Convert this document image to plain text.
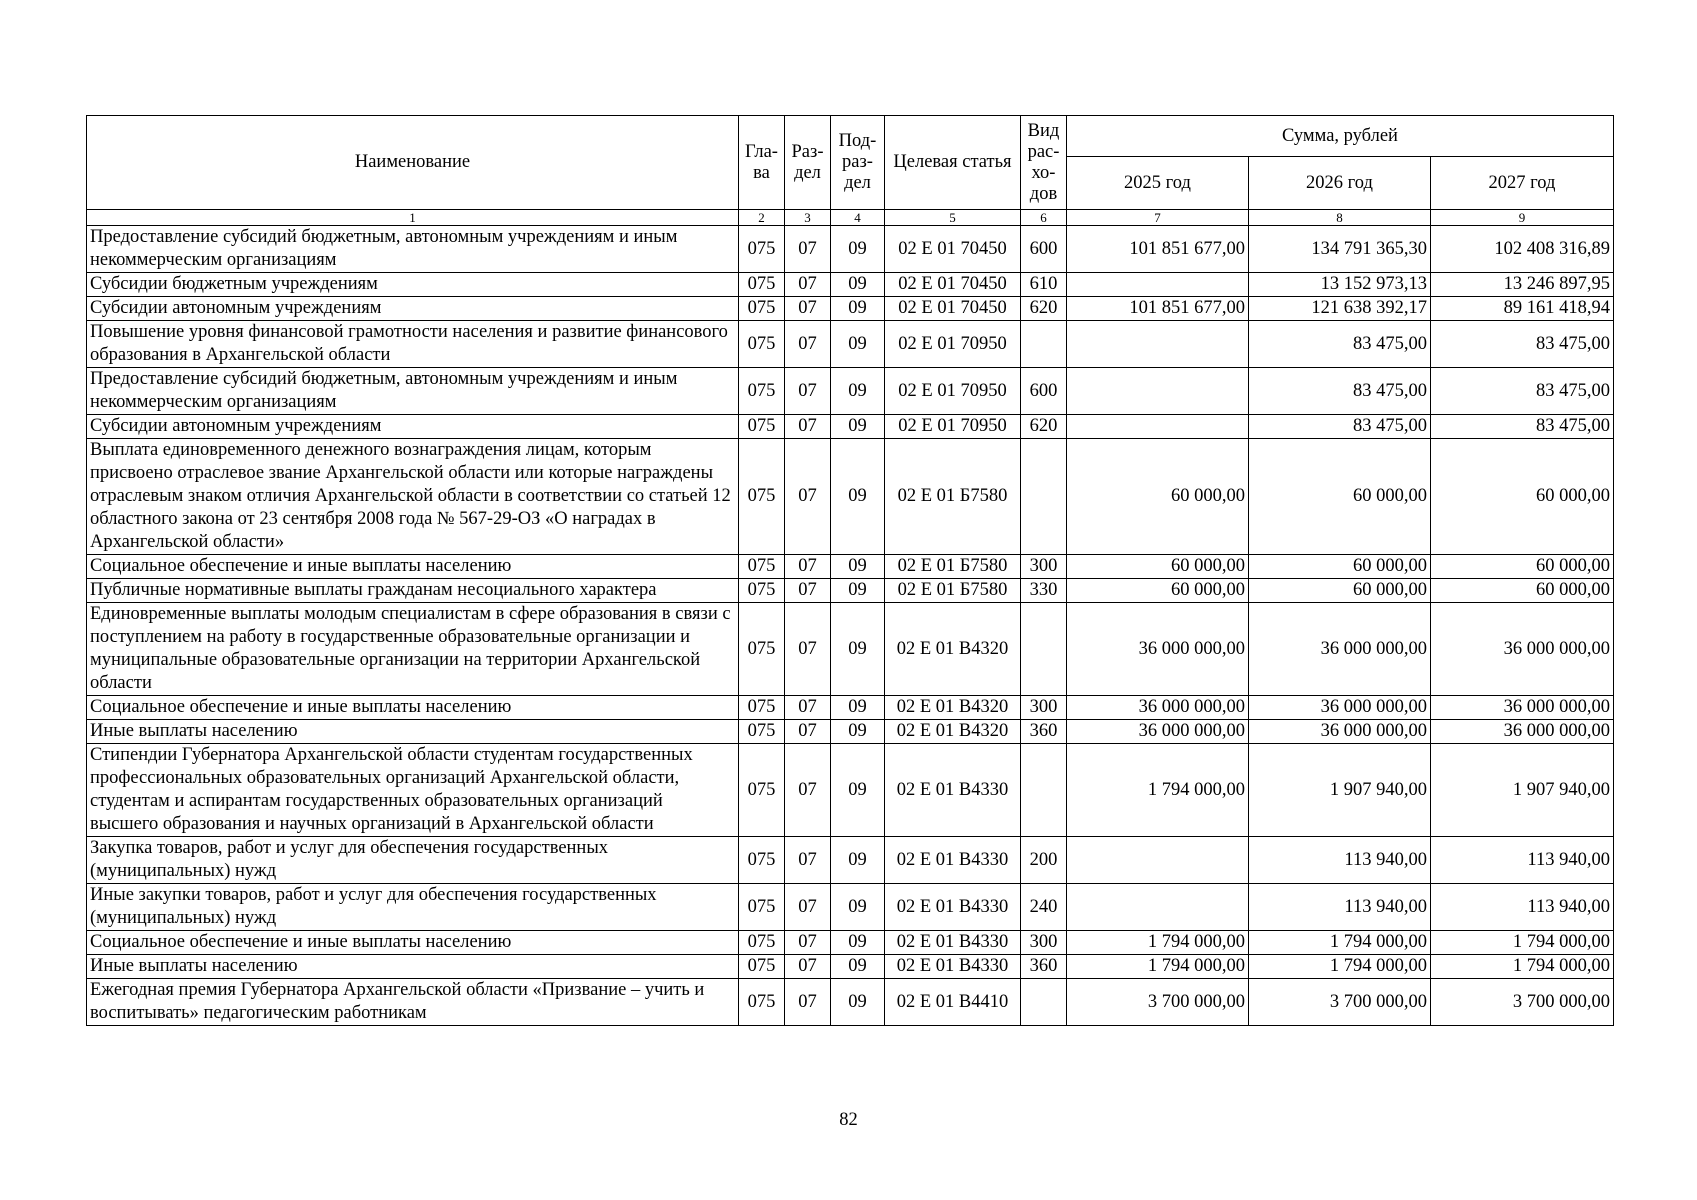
Наименование	Гла-ва	Раз-дел	Под-раз-дел	Целевая статья	Вид рас-хо-дов	Сумма, рублей		
						2025 год	2026 год	2027 год
1	2	3	4	5	6	7	8	9
Предоставление субсидий бюджетным, автономным учреждениям и иным некоммерческим организациям	075	07	09	02 Е 01 70450	600	101 851 677,00	134 791 365,30	102 408 316,89
Субсидии бюджетным учреждениям	075	07	09	02 Е 01 70450	610		13 152 973,13	13 246 897,95
Субсидии автономным учреждениям	075	07	09	02 Е 01 70450	620	101 851 677,00	121 638 392,17	89 161 418,94
Повышение уровня финансовой грамотности населения и развитие финансового образования в Архангельской области	075	07	09	02 Е 01 70950			83 475,00	83 475,00
Предоставление субсидий бюджетным, автономным учреждениям и иным некоммерческим организациям	075	07	09	02 Е 01 70950	600		83 475,00	83 475,00
Субсидии автономным учреждениям	075	07	09	02 Е 01 70950	620		83 475,00	83 475,00
Выплата единовременного денежного вознаграждения лицам, которым присвоено отраслевое звание Архангельской области или которые награждены отраслевым знаком отличия Архангельской области в соответствии со статьей 12 областного закона от 23 сентября 2008 года № 567-29-ОЗ «О наградах в Архангельской области»	075	07	09	02 Е 01 Б7580		60 000,00	60 000,00	60 000,00
Социальное обеспечение и иные выплаты населению	075	07	09	02 Е 01 Б7580	300	60 000,00	60 000,00	60 000,00
Публичные нормативные выплаты гражданам несоциального характера	075	07	09	02 Е 01 Б7580	330	60 000,00	60 000,00	60 000,00
Единовременные выплаты молодым специалистам в сфере образования в связи с поступлением на работу в государственные образовательные организации и муниципальные образовательные организации на территории Архангельской области	075	07	09	02 Е 01 В4320		36 000 000,00	36 000 000,00	36 000 000,00
Социальное обеспечение и иные выплаты населению	075	07	09	02 Е 01 В4320	300	36 000 000,00	36 000 000,00	36 000 000,00
Иные выплаты населению	075	07	09	02 Е 01 В4320	360	36 000 000,00	36 000 000,00	36 000 000,00
Стипендии Губернатора Архангельской области студентам государственных профессиональных образовательных организаций Архангельской области, студентам и аспирантам государственных образовательных организаций высшего образования и научных организаций в Архангельской области	075	07	09	02 Е 01 В4330		1 794 000,00	1 907 940,00	1 907 940,00
Закупка товаров, работ и услуг для обеспечения государственных (муниципальных) нужд	075	07	09	02 Е 01 В4330	200		113 940,00	113 940,00
Иные закупки товаров, работ и услуг для обеспечения государственных (муниципальных) нужд	075	07	09	02 Е 01 В4330	240		113 940,00	113 940,00
Социальное обеспечение и иные выплаты населению	075	07	09	02 Е 01 В4330	300	1 794 000,00	1 794 000,00	1 794 000,00
Иные выплаты населению	075	07	09	02 Е 01 В4330	360	1 794 000,00	1 794 000,00	1 794 000,00
Ежегодная премия Губернатора Архангельской области «Призвание – учить и воспитывать» педагогическим работникам	075	07	09	02 Е 01 В4410		3 700 000,00	3 700 000,00	3 700 000,00
82
